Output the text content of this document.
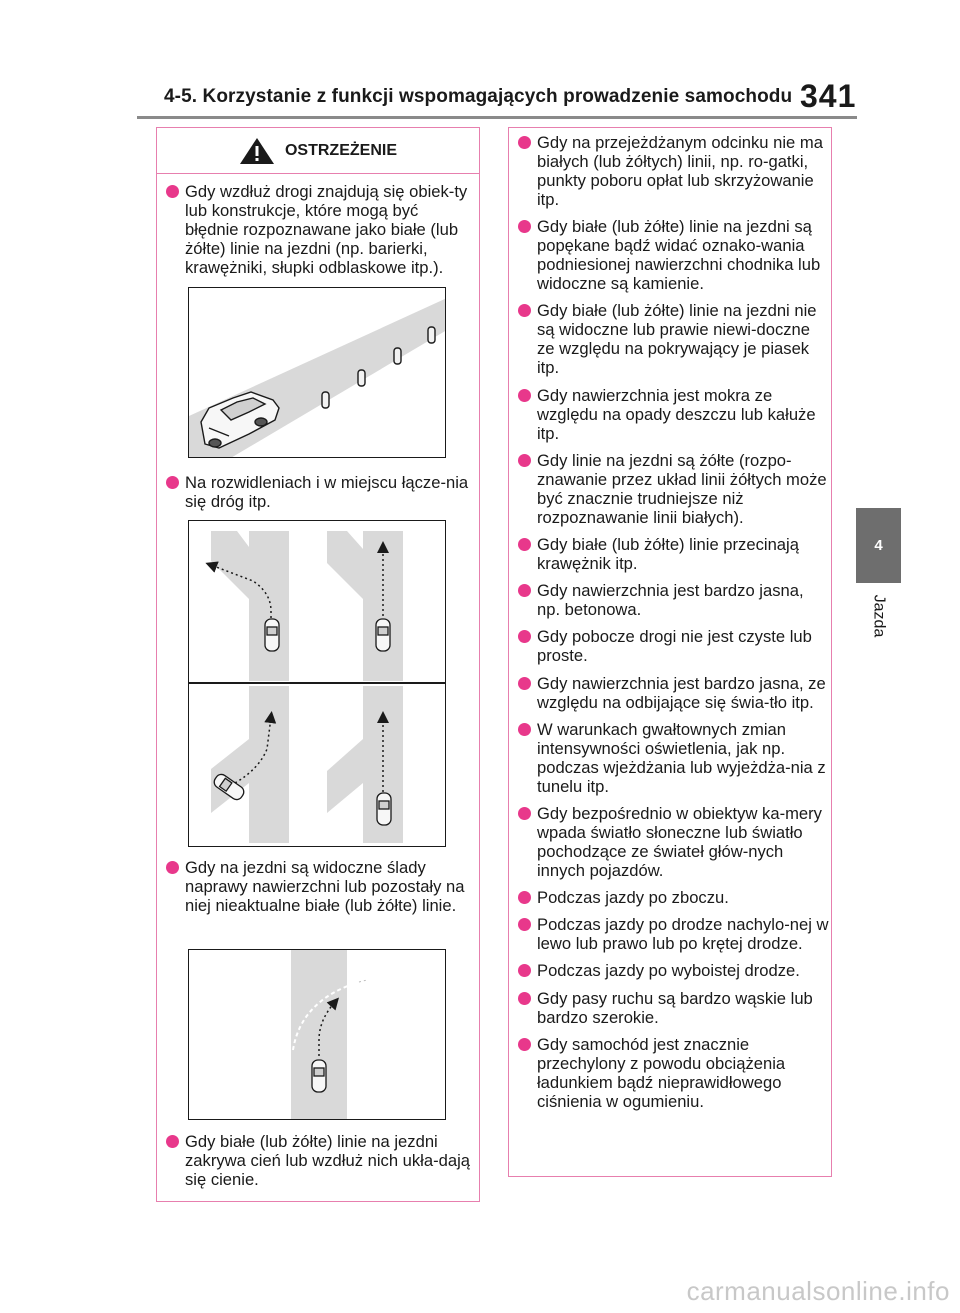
4-5. Korzystanie z funkcji wspomagających prowadzenie samochodu 341
4
Jazda
OSTRZEŻENIE
Gdy wzdłuż drogi znajdują się obiek-ty lub konstrukcje, które mogą być błędnie rozpoznawane jako białe (lub żółte) linie na jezdni (np. barierki, krawężniki, słupki odblaskowe itp.).
Na rozwidleniach i w miejscu łącze-nia się dróg itp.
Gdy na jezdni są widoczne ślady naprawy nawierzchni lub pozostały na niej nieaktualne białe (lub żółte) linie.
Gdy białe (lub żółte) linie na jezdni zakrywa cień lub wzdłuż nich ukła-dają się cienie.
Gdy na przejeżdżanym odcinku nie ma białych (lub żółtych) linii, np. ro-gatki, punkty poboru opłat lub skrzyżowanie itp.
Gdy białe (lub żółte) linie na jezdni są popękane bądź widać oznako-wania podniesionej nawierzchni chodnika lub widoczne są kamienie.
Gdy białe (lub żółte) linie na jezdni nie są widoczne lub prawie niewi-doczne ze względu na pokrywający je piasek itp.
Gdy nawierzchnia jest mokra ze względu na opady deszczu lub kałuże itp.
Gdy linie na jezdni są żółte (rozpo-znawanie przez układ linii żółtych może być znacznie trudniejsze niż rozpoznawanie linii białych).
Gdy białe (lub żółte) linie przecinają krawężnik itp.
Gdy nawierzchnia jest bardzo jasna, np. betonowa.
Gdy pobocze drogi nie jest czyste lub proste.
Gdy nawierzchnia jest bardzo jasna, ze względu na odbijające się świa-tło itp.
W warunkach gwałtownych zmian intensywności oświetlenia, jak np. podczas wjeżdżania lub wyjeżdża-nia z tunelu itp.
Gdy bezpośrednio w obiektyw ka-mery wpada światło słoneczne lub światło pochodzące ze świateł głów-nych innych pojazdów.
Podczas jazdy po zboczu.
Podczas jazdy po drodze nachylo-nej w lewo lub prawo lub po krętej drodze.
Podczas jazdy po wyboistej drodze.
Gdy pasy ruchu są bardzo wąskie lub bardzo szerokie.
Gdy samochód jest znacznie przechylony z powodu obciążenia ładunkiem bądź nieprawidłowego ciśnienia w ogumieniu.
carmanualsonline.info
